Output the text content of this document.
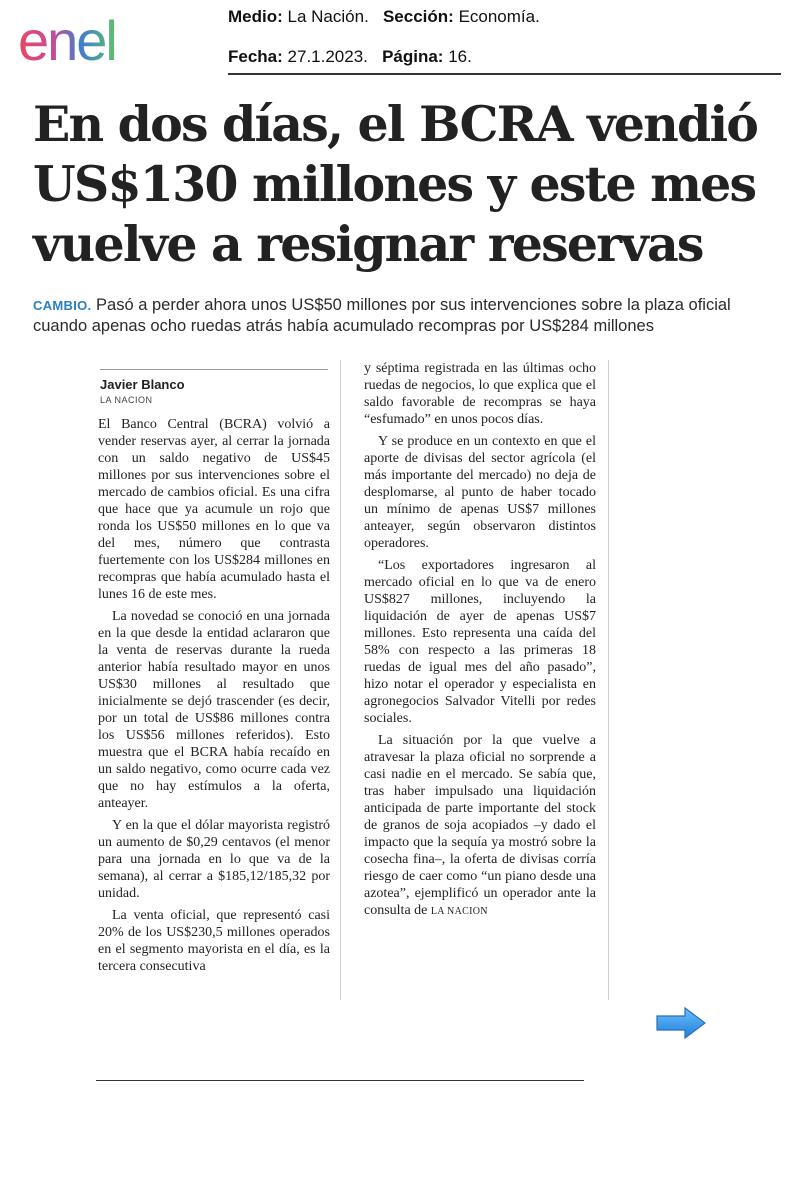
enel	Medio: La Nación. Sección: Economía.
Fecha: 27.1.2023. Página: 16.
En dos días, el BCRA vendió
US$130 millones y este mes
vuelve a resignar reservas

CAMBIO. Pasó a perder ahora unos US$50 millones por sus intervenciones sobre la plaza oficial cuando apenas ocho ruedas atrás había acumulado recompras por US$284 millones

Javier Blanco
LA NACION

El Banco Central (BCRA) volvió a vender reservas ayer, al cerrar la jornada con un saldo negativo de US$45 millones por sus intervenciones sobre el mercado de cambios oficial. Es una cifra que hace que ya acumule un rojo que ronda los US$50 millones en lo que va del mes, número que contrasta fuertemente con los US$284 millones en recompras que había acumulado hasta el lunes 16 de este mes.

La novedad se conoció en una jornada en la que desde la entidad aclararon que la venta de reservas durante la rueda anterior había resultado mayor en unos US$30 millones al resultado que inicialmente se dejó trascender (es decir, por un total de US$86 millones contra los US$56 millones referidos). Esto muestra que el BCRA había recaído en un saldo negativo, como ocurre cada vez que no hay estímulos a la oferta, anteayer.

Y en la que el dólar mayorista registró un aumento de $0,29 centavos (el menor para una jornada en lo que va de la semana), al cerrar a $185,12/185,32 por unidad.

La venta oficial, que representó casi 20% de los US$230,5 millones operados en el segmento mayorista en el día, es la tercera consecutiva

y séptima registrada en las últimas ocho ruedas de negocios, lo que explica que el saldo favorable de recompras se haya “esfumado” en unos pocos días.

Y se produce en un contexto en que el aporte de divisas del sector agrícola (el más importante del mercado) no deja de desplomarse, al punto de haber tocado un mínimo de apenas US$7 millones anteayer, según observaron distintos operadores.

“Los exportadores ingresaron al mercado oficial en lo que va de enero US$827 millones, incluyendo la liquidación de ayer de apenas US$7 millones. Esto representa una caída del 58% con respecto a las primeras 18 ruedas de igual mes del año pasado”, hizo notar el operador y especialista en agronegocios Salvador Vitelli por redes sociales.

La situación por la que vuelve a atravesar la plaza oficial no sorprende a casi nadie en el mercado. Se sabía que, tras haber impulsado una liquidación anticipada de parte importante del stock de granos de soja acopiados –y dado el impacto que la sequía ya mostró sobre la cosecha fina–, la oferta de divisas corría riesgo de caer como “un piano desde una azotea”, ejemplificó un operador ante la consulta de LA NACION
